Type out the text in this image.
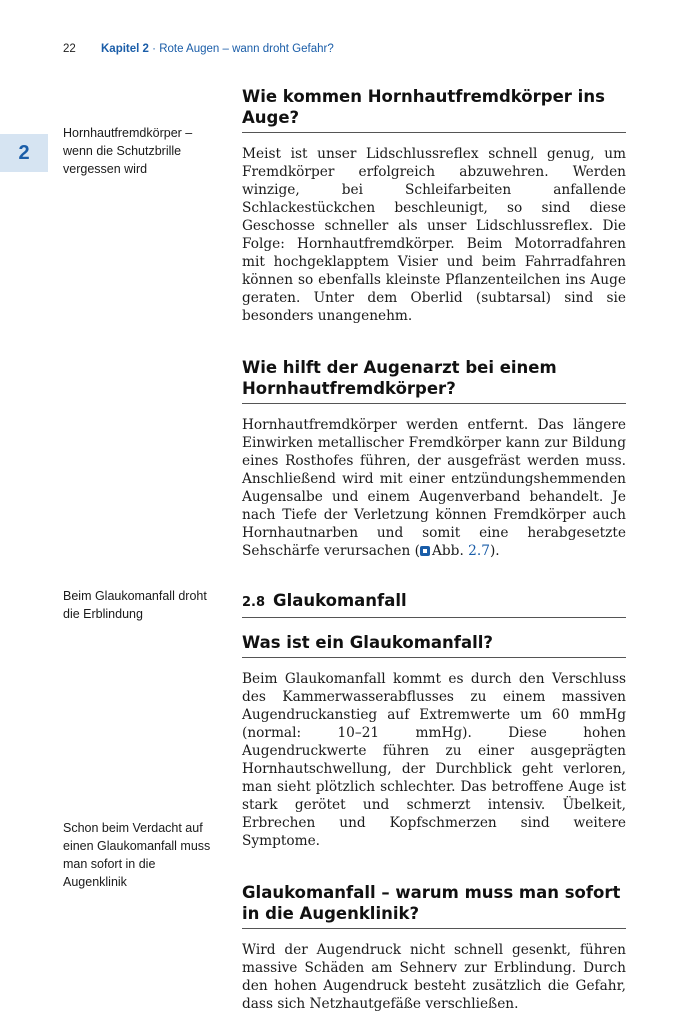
22 Kapitel 2 · Rote Augen – wann droht Gefahr?
2
Hornhautfremdkörper – wenn die Schutzbrille vergessen wird
Beim Glaukomanfall droht die Erblindung
Schon beim Verdacht auf einen Glaukomanfall muss man sofort in die Augenklinik
Wie kommen Hornhautfremdkörper ins Auge?

Meist ist unser Lidschlussreflex schnell genug, um Fremdkörper erfolgreich abzuwehren. Werden winzige, bei Schleifarbeiten anfallende Schlackestückchen beschleunigt, so sind diese Geschosse schneller als unser Lidschlussreflex. Die Folge: Hornhautfremdkörper. Beim Motorradfahren mit hochgeklapptem Visier und beim Fahrradfahren können so ebenfalls kleinste Pflanzenteilchen ins Auge geraten. Unter dem Oberlid (subtarsal) sind sie besonders unangenehm.

Wie hilft der Augenarzt bei einem Hornhautfremdkörper?

Hornhautfremdkörper werden entfernt. Das längere Einwirken metallischer Fremdkörper kann zur Bildung eines Rosthofes führen, der ausgefräst werden muss. Anschließend wird mit einer entzündungshemmenden Augensalbe und einem Augenverband behandelt. Je nach Tiefe der Verletzung können Fremdkörper auch Hornhautnarben und somit eine herabgesetzte Sehschärfe verursachen ( Abb. 2.7).

2.8 Glaukomanfall
Was ist ein Glaukomanfall?

Beim Glaukomanfall kommt es durch den Verschluss des Kammerwasserabflusses zu einem massiven Augendruckanstieg auf Extremwerte um 60 mmHg (normal: 10–21 mmHg). Diese hohen Augendruckwerte führen zu einer ausgeprägten Hornhautschwellung, der Durchblick geht verloren, man sieht plötzlich schlechter. Das betroffene Auge ist stark gerötet und schmerzt intensiv. Übelkeit, Erbrechen und Kopfschmerzen sind weitere Symptome.

Glaukomanfall – warum muss man sofort in die Augenklinik?

Wird der Augendruck nicht schnell gesenkt, führen massive Schäden am Sehnerv zur Erblindung. Durch den hohen Augendruck besteht zusätzlich die Gefahr, dass sich Netzhautgefäße verschließen.
